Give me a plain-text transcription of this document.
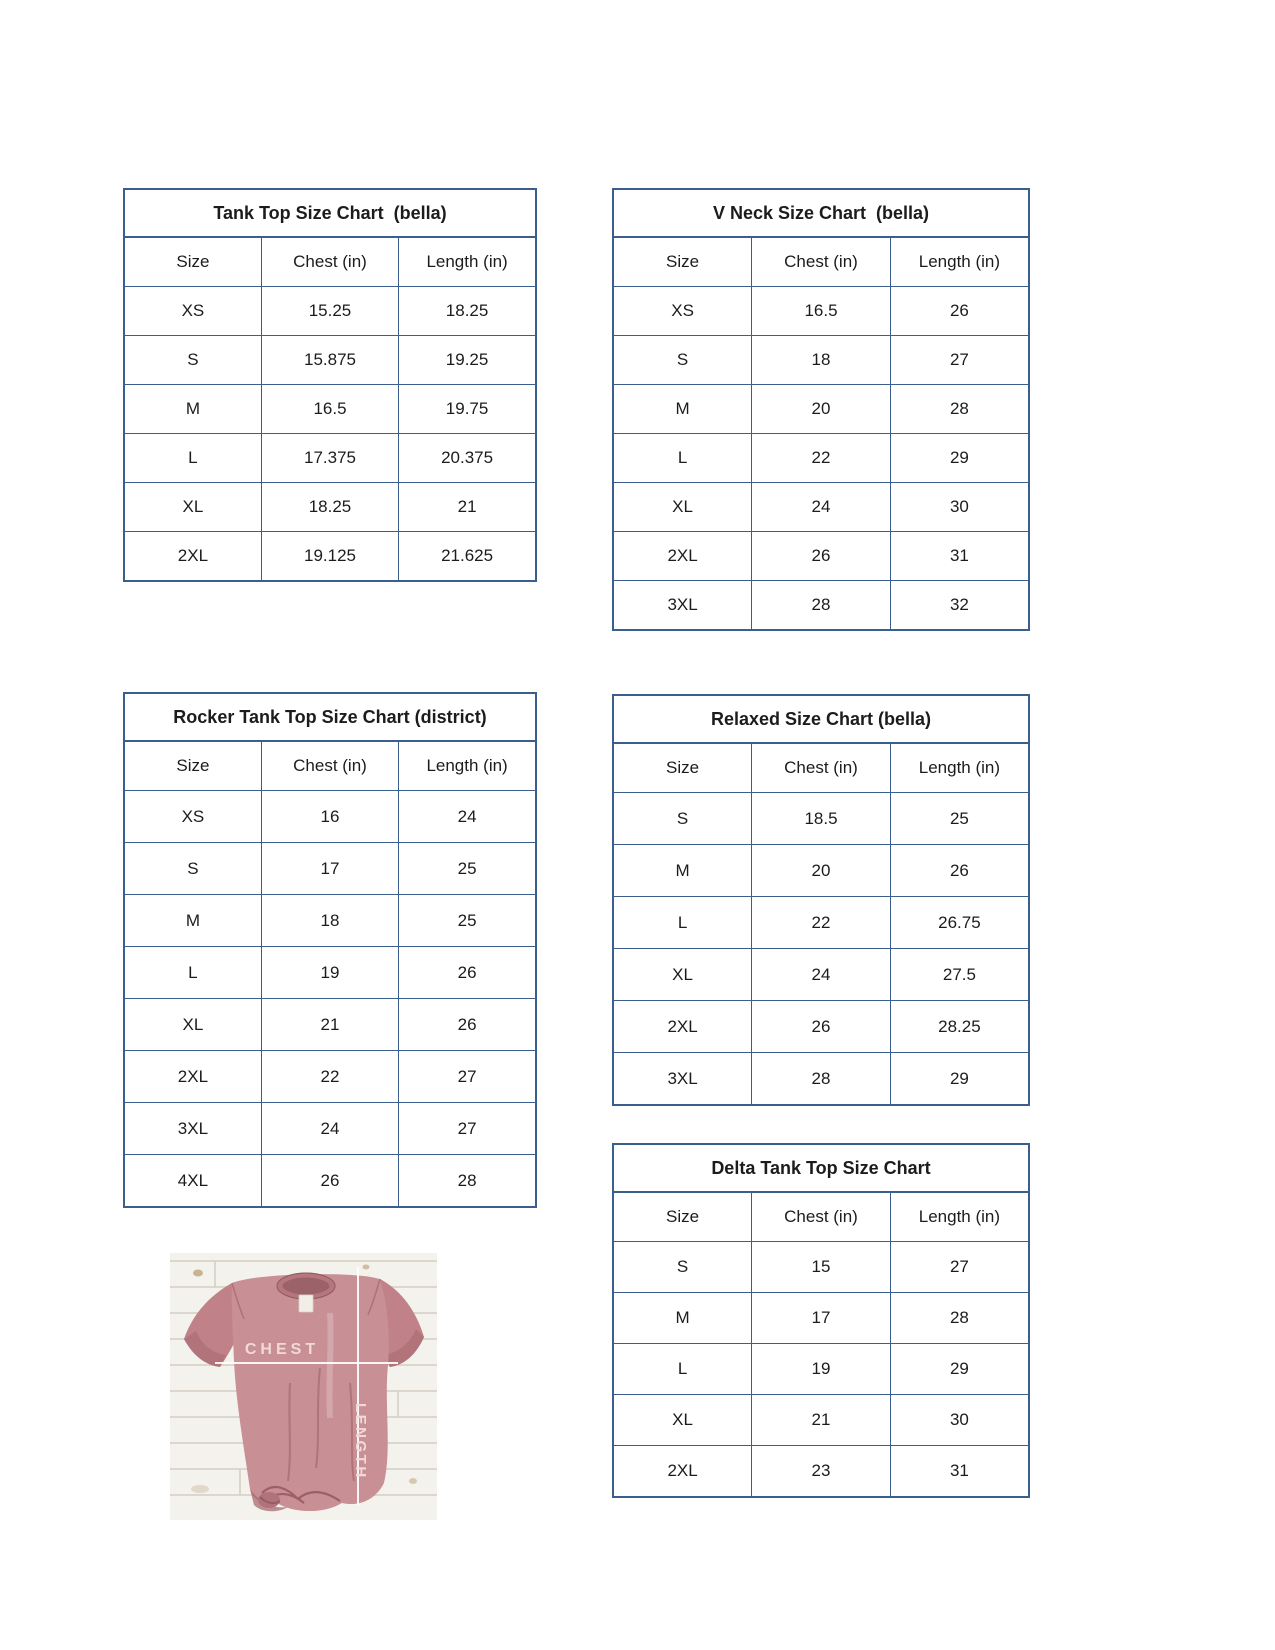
Tank Top Size Chart  (bella)		
Size	Chest (in)	Length (in)
XS	15.25	18.25
S	15.875	19.25
M	16.5	19.75
L	17.375	20.375
XL	18.25	21
2XL	19.125	21.625
V Neck Size Chart  (bella)		
Size	Chest (in)	Length (in)
XS	16.5	26
S	18	27
M	20	28
L	22	29
XL	24	30
2XL	26	31
3XL	28	32
Rocker Tank Top Size Chart (district)		
Size	Chest (in)	Length (in)
XS	16	24
S	17	25
M	18	25
L	19	26
XL	21	26
2XL	22	27
3XL	24	27
4XL	26	28
Relaxed Size Chart (bella)		
Size	Chest (in)	Length (in)
S	18.5	25
M	20	26
L	22	26.75
XL	24	27.5
2XL	26	28.25
3XL	28	29
Delta Tank Top Size Chart		
Size	Chest (in)	Length (in)
S	15	27
M	17	28
L	19	29
XL	21	30
2XL	23	31
CHEST
LENGTH
